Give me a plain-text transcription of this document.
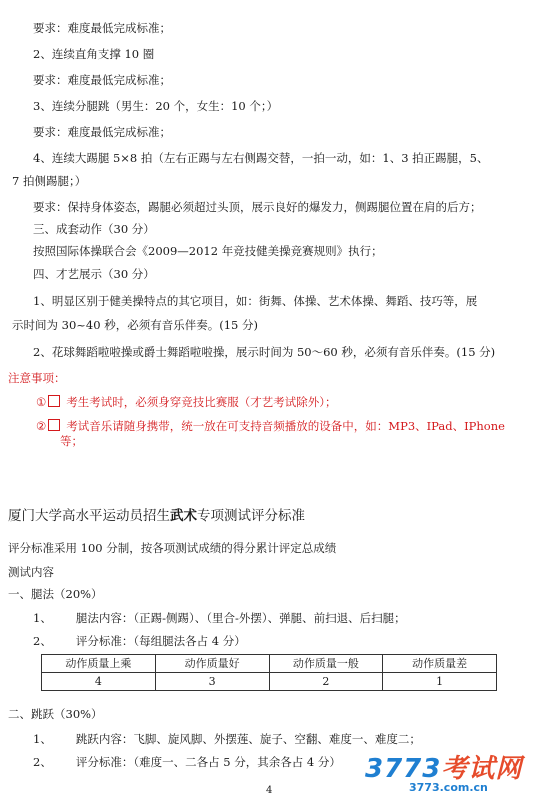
要求：难度最低完成标准；
2、连续直角支撑 10 圈
要求：难度最低完成标准；
3、连续分腿跳（男生：20 个，女生：10 个；）
要求：难度最低完成标准；
4、连续大踢腿 5×8 拍（左右正踢与左右侧踢交替，一拍一动，如：1、3 拍正踢腿，5、
7 拍侧踢腿；）
要求：保持身体姿态，踢腿必须超过头顶，展示良好的爆发力，侧踢腿位置在肩的后方；
三、成套动作（30 分）
按照国际体操联合会《2009—2012 年竞技健美操竞赛规则》执行；
四、才艺展示（30 分）
1、明显区别于健美操特点的其它项目，如：街舞、体操、艺术体操、舞蹈、技巧等，展
示时间为 30~40 秒，必须有音乐伴奏。(15 分)
2、花球舞蹈啦啦操或爵士舞蹈啦啦操，展示时间为 50～60 秒，必须有音乐伴奏。(15 分)
注意事项：
① 考生考试时，必须身穿竞技比赛服（才艺考试除外）；
② 考试音乐请随身携带，统一放在可支持音频播放的设备中，如：MP3、IPad、IPhone
等；
厦门大学高水平运动员招生武术专项测试评分标准
评分标准采用 100 分制，按各项测试成绩的得分累计评定总成绩
测试内容
一、腿法（20%）
1、 腿法内容：（正踢-侧踢）、（里合-外摆）、弹腿、前扫退、后扫腿；
2、 评分标准：（每组腿法各占 4 分）
动作质量上乘	动作质量好	动作质量一般	动作质量差
4	3	2	1
二、跳跃（30%）
1、 跳跃内容：飞脚、旋风脚、外摆莲、旋子、空翻、难度一、难度二；
2、 评分标准：（难度一、二各占 5 分，其余各占 4 分）
4
3773考试网
3773.com.cn
